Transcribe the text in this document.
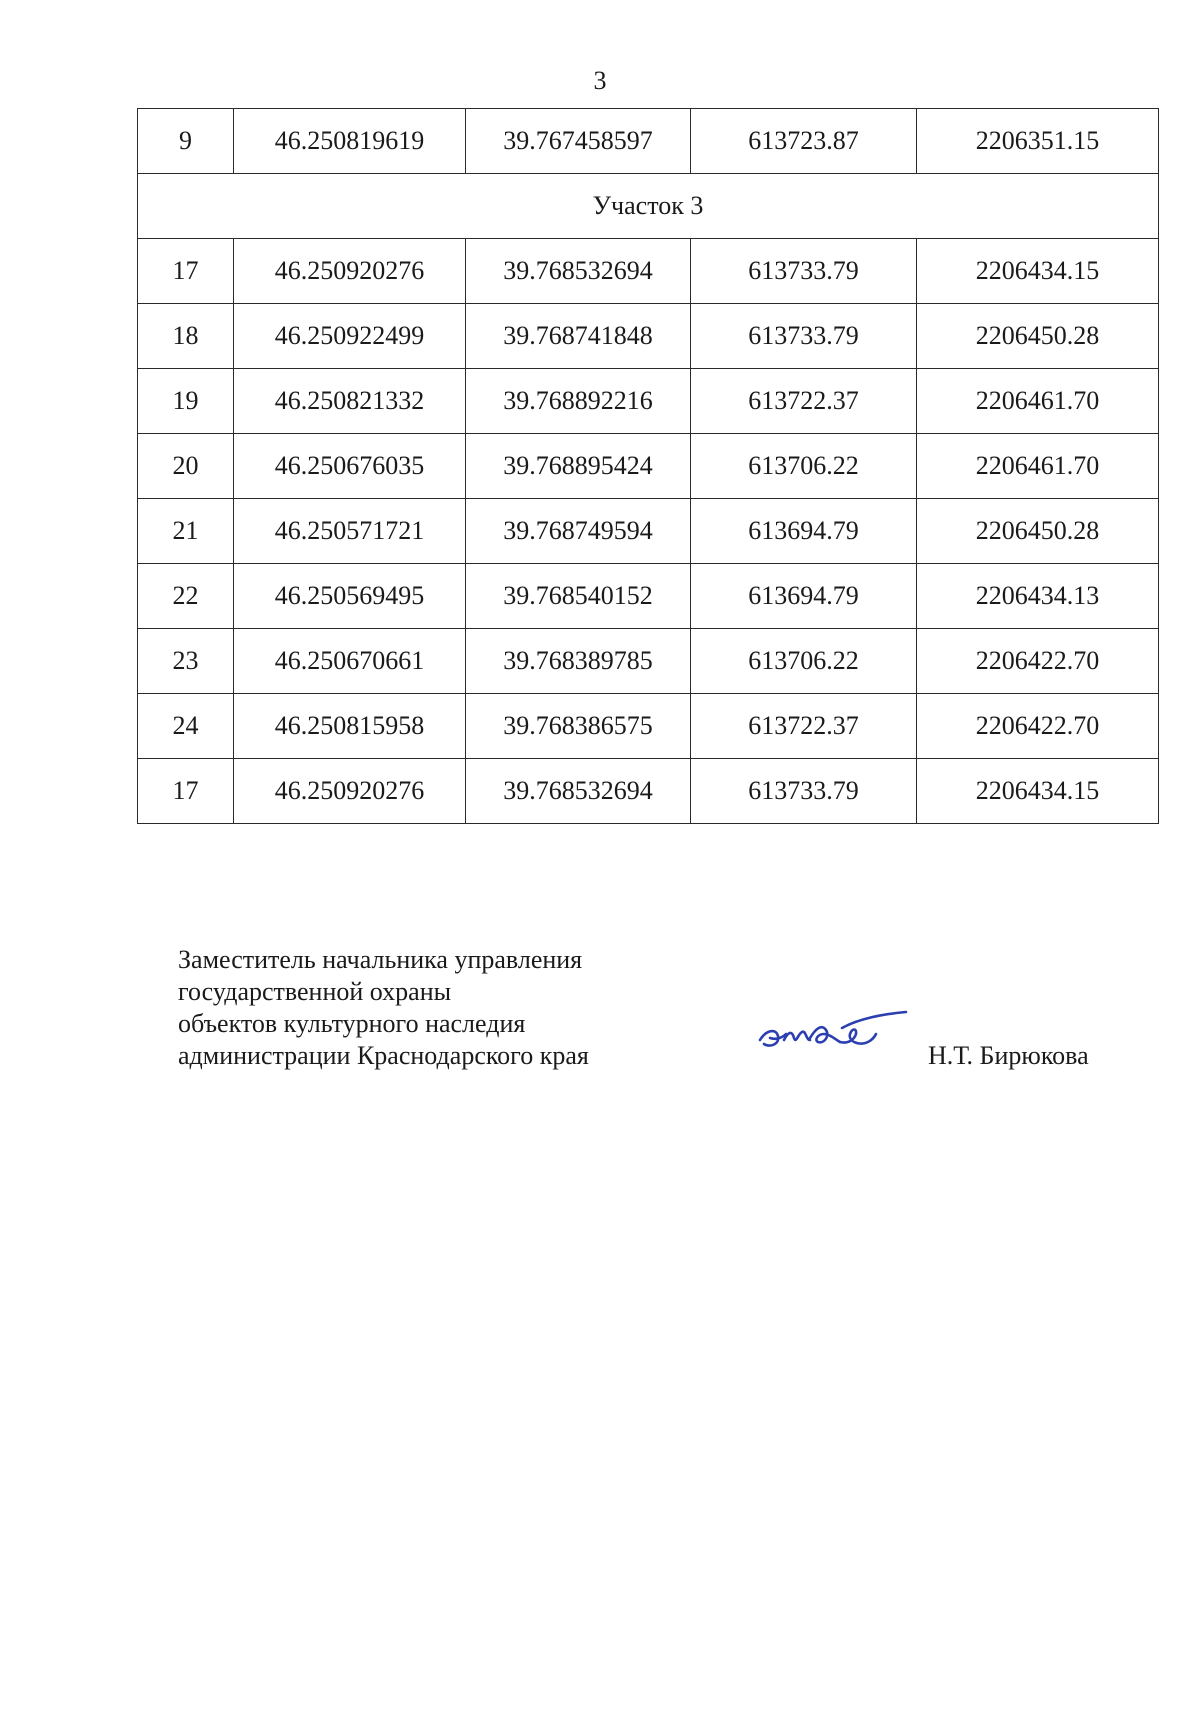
3
9	46.250819619	39.767458597	613723.87	2206351.15
Участок 3				
17	46.250920276	39.768532694	613733.79	2206434.15
18	46.250922499	39.768741848	613733.79	2206450.28
19	46.250821332	39.768892216	613722.37	2206461.70
20	46.250676035	39.768895424	613706.22	2206461.70
21	46.250571721	39.768749594	613694.79	2206450.28
22	46.250569495	39.768540152	613694.79	2206434.13
23	46.250670661	39.768389785	613706.22	2206422.70
24	46.250815958	39.768386575	613722.37	2206422.70
17	46.250920276	39.768532694	613733.79	2206434.15
Заместитель начальника управления
государственной охраны
объектов культурного наследия
администрации Краснодарского края	Н.Т. Бирюкова
